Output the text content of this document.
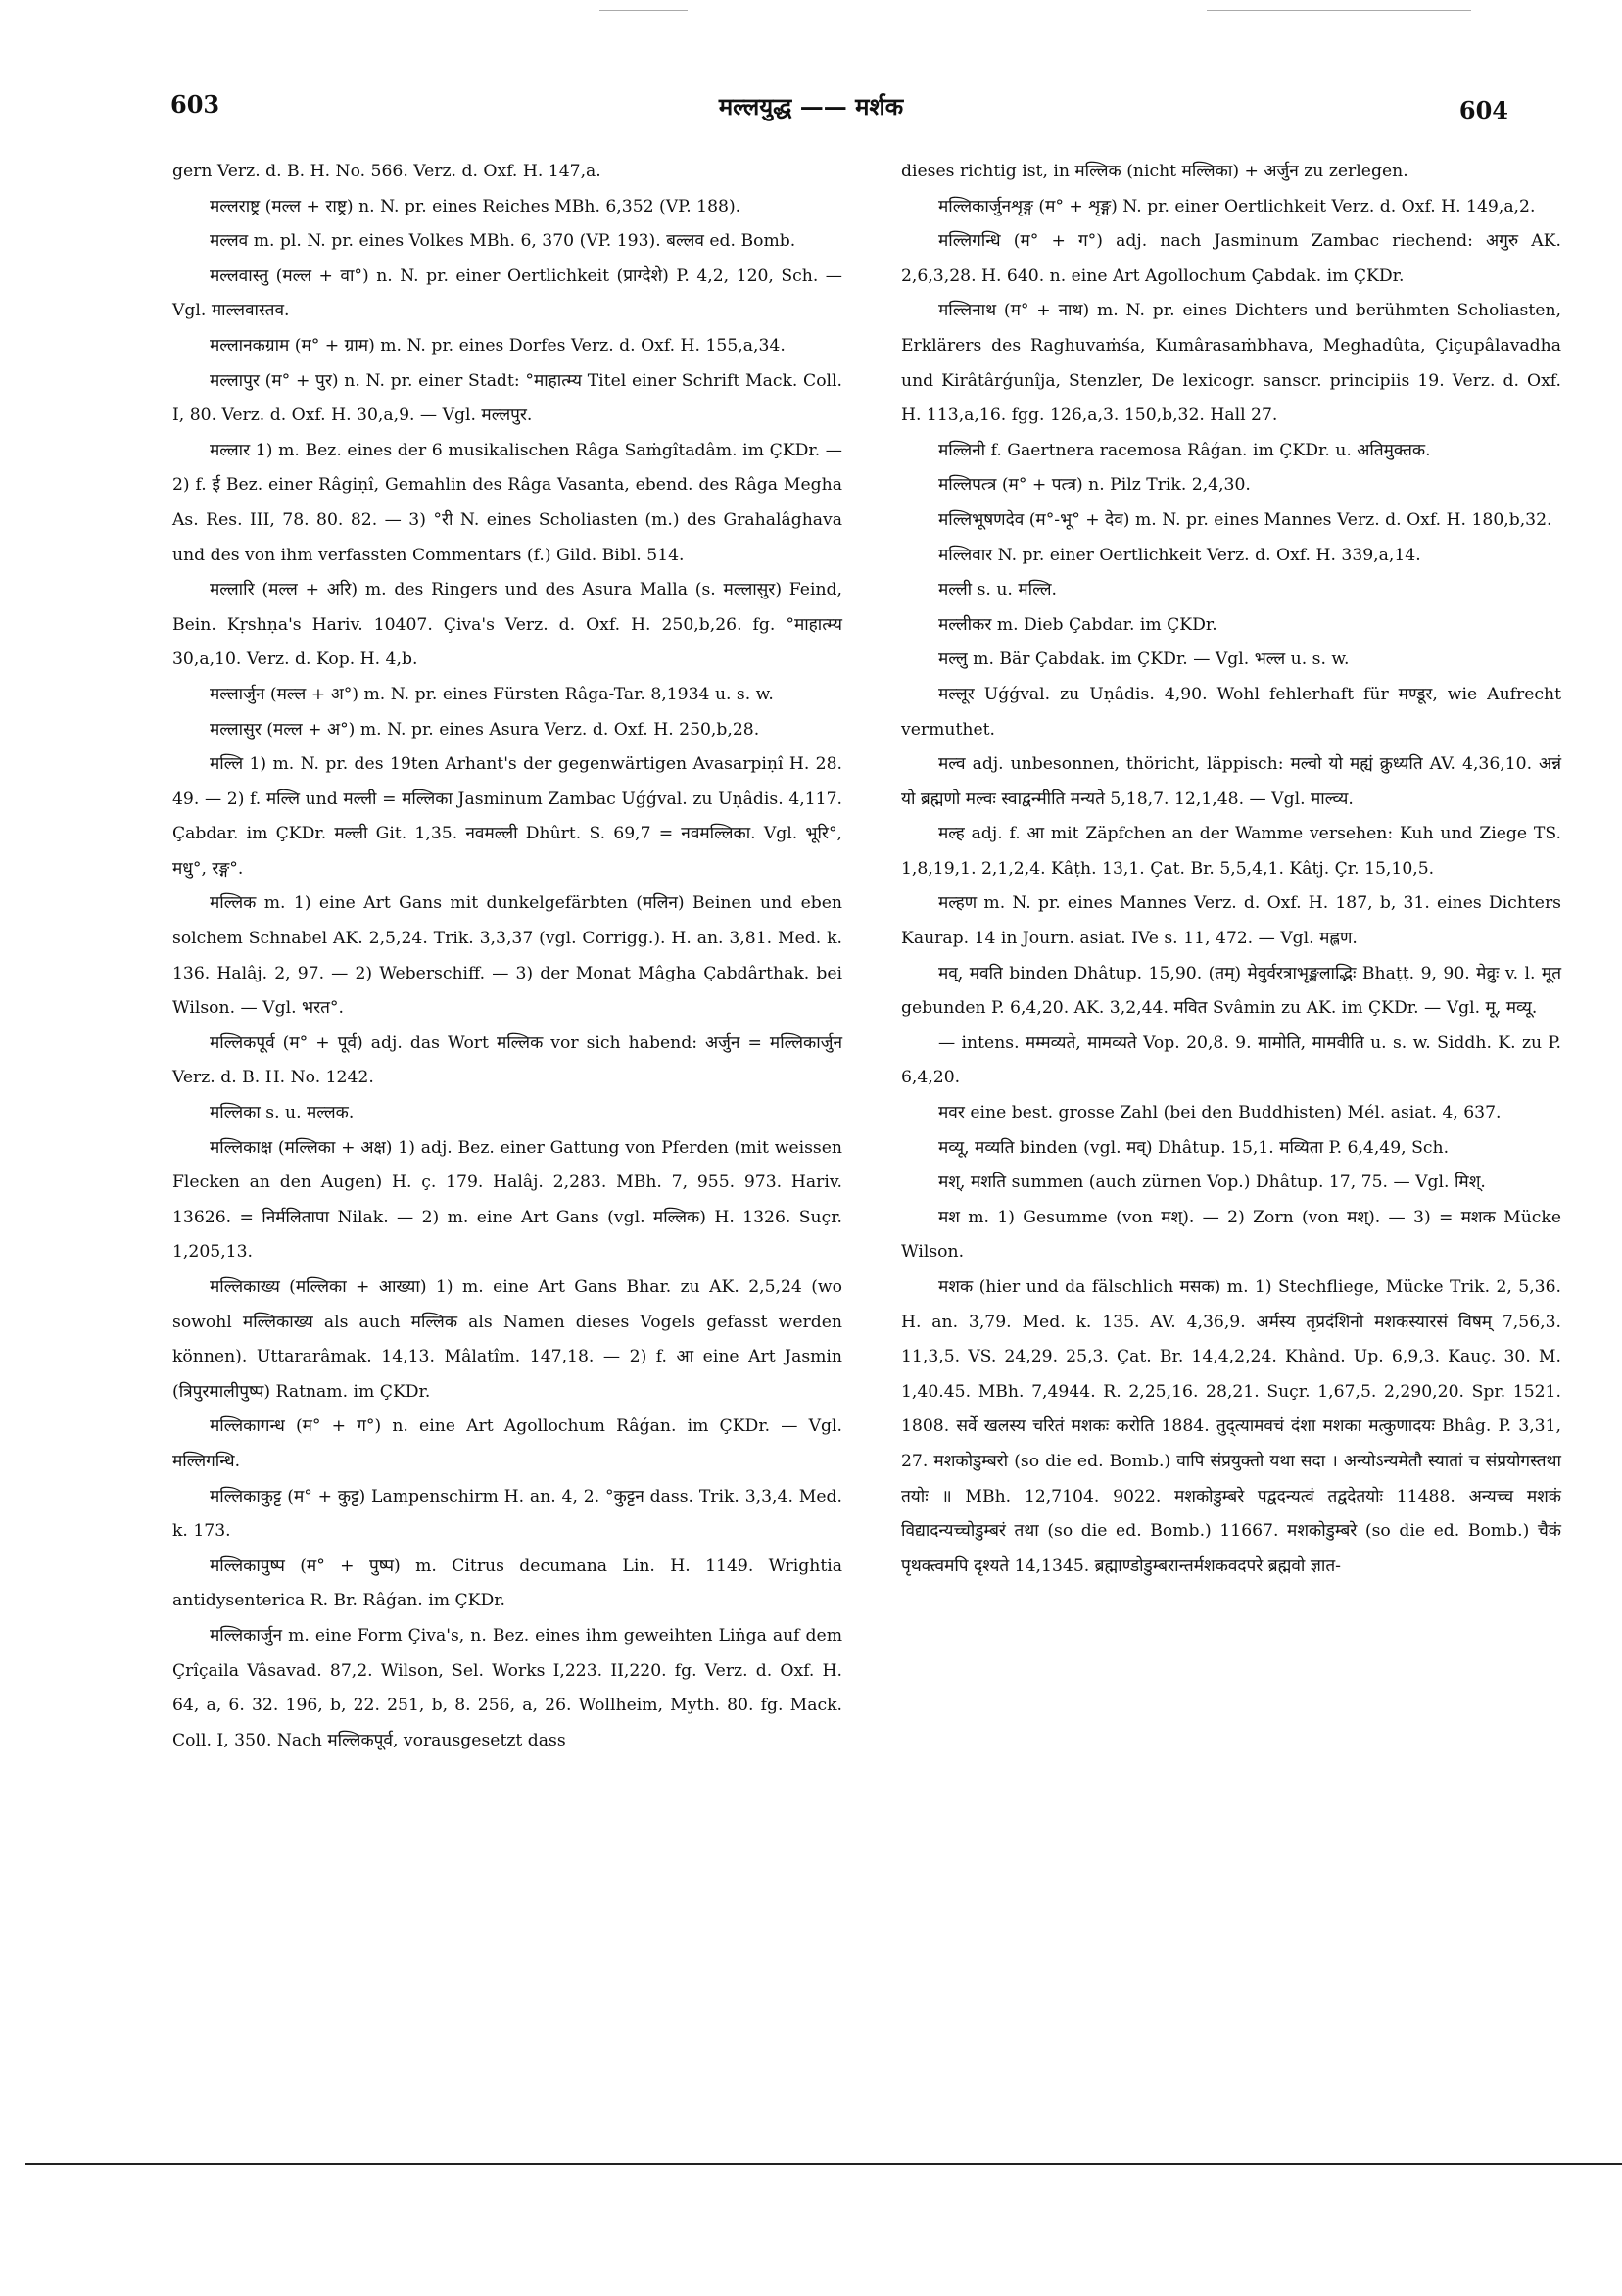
603	मल्लयुद्ध —— मर्शक	604

gern Verz. d. B. H. No. 566. Verz. d. Oxf. H. 147,a.

मल्लराष्ट्र (मल्ल + राष्ट्र) n. N. pr. eines Reiches MBh. 6,352 (VP. 188).

मल्लव m. pl. N. pr. eines Volkes MBh. 6, 370 (VP. 193). बल्लव ed. Bomb.

मल्लवास्तु (मल्ल + वा°) n. N. pr. einer Oertlichkeit (प्राग्देशे) P. 4,2, 120, Sch. — Vgl. माल्लवास्तव.

मल्लानकग्राम (म° + ग्राम) m. N. pr. eines Dorfes Verz. d. Oxf. H. 155,a,34.

मल्लापुर (म° + पुर) n. N. pr. einer Stadt: °माहात्म्य Titel einer Schrift Mack. Coll. I, 80. Verz. d. Oxf. H. 30,a,9. — Vgl. मल्लपुर.

मल्लार 1) m. Bez. eines der 6 musikalischen Râga Saṁgîtadâm. im ÇKDr. — 2) f. ई Bez. einer Râgiṇî, Gemahlin des Râga Vasanta, ebend. des Râga Megha As. Res. III, 78. 80. 82. — 3) °री N. eines Scholiasten (m.) des Grahalâghava und des von ihm verfassten Commentars (f.) Gild. Bibl. 514.

मल्लारि (मल्ल + अरि) m. des Ringers und des Asura Malla (s. मल्लासुर) Feind, Bein. Kṛshṇa's Hariv. 10407. Çiva's Verz. d. Oxf. H. 250,b,26. fg. °माहात्म्य 30,a,10. Verz. d. Kop. H. 4,b.

मल्लार्जुन (मल्ल + अ°) m. N. pr. eines Fürsten Râga-Tar. 8,1934 u. s. w.

मल्लासुर (मल्ल + अ°) m. N. pr. eines Asura Verz. d. Oxf. H. 250,b,28.

मल्लि 1) m. N. pr. des 19ten Arhant's der gegenwärtigen Avasarpiṇî H. 28. 49. — 2) f. मल्लि und मल्ली = मल्लिका Jasminum Zambac Uǵǵval. zu Uṇâdis. 4,117. Çabdar. im ÇKDr. मल्ली Git. 1,35. नवमल्ली Dhûrt. S. 69,7 = नवमल्लिका. Vgl. भूरि°, मधु°, रङ्ग°.

मल्लिक m. 1) eine Art Gans mit dunkelgefärbten (मलिन) Beinen und eben solchem Schnabel AK. 2,5,24. Trik. 3,3,37 (vgl. Corrigg.). H. an. 3,81. Med. k. 136. Halâj. 2, 97. — 2) Weberschiff. — 3) der Monat Mâgha Çabdârthak. bei Wilson. — Vgl. भरत°.

मल्लिकपूर्व (म° + पूर्व) adj. das Wort मल्लिक vor sich habend: अर्जुन = मल्लिकार्जुन Verz. d. B. H. No. 1242.

मल्लिका s. u. मल्लक.

मल्लिकाक्ष (मल्लिका + अक्ष) 1) adj. Bez. einer Gattung von Pferden (mit weissen Flecken an den Augen) H. ç. 179. Halâj. 2,283. MBh. 7, 955. 973. Hariv. 13626. = निर्मलितापा Nilak. — 2) m. eine Art Gans (vgl. मल्लिक) H. 1326. Suçr. 1,205,13.

मल्लिकाख्य (मल्लिका + आख्या) 1) m. eine Art Gans Bhar. zu AK. 2,5,24 (wo sowohl मल्लिकाख्य als auch मल्लिक als Namen dieses Vogels gefasst werden können). Uttararâmak. 14,13. Mâlatîm. 147,18. — 2) f. आ eine Art Jasmin (त्रिपुरमालीपुष्प) Ratnam. im ÇKDr.

मल्लिकागन्ध (म° + ग°) n. eine Art Agollochum Râǵan. im ÇKDr. — Vgl. मल्लिगन्धि.

मल्लिकाकुट्ट (म° + कुट्ट) Lampenschirm H. an. 4, 2. °कुट्टन dass. Trik. 3,3,4. Med. k. 173.

मल्लिकापुष्प (म° + पुष्प) m. Citrus decumana Lin. H. 1149. Wrightia antidysenterica R. Br. Râǵan. im ÇKDr.

मल्लिकार्जुन m. eine Form Çiva's, n. Bez. eines ihm geweihten Liṅga auf dem Çrîçaila Vâsavad. 87,2. Wilson, Sel. Works I,223. II,220. fg. Verz. d. Oxf. H. 64, a, 6. 32. 196, b, 22. 251, b, 8. 256, a, 26. Wollheim, Myth. 80. fg. Mack. Coll. I, 350. Nach मल्लिकपूर्व, vorausgesetzt dass

dieses richtig ist, in मल्लिक (nicht मल्लिका) + अर्जुन zu zerlegen.

मल्लिकार्जुनशृङ्ग (म° + शृङ्ग) N. pr. einer Oertlichkeit Verz. d. Oxf. H. 149,a,2.

मल्लिगन्धि (म° + ग°) adj. nach Jasminum Zambac riechend: अगुरु AK. 2,6,3,28. H. 640. n. eine Art Agollochum Çabdak. im ÇKDr.

मल्लिनाथ (म° + नाथ) m. N. pr. eines Dichters und berühmten Scholiasten, Erklärers des Raghuvaṁśa, Kumârasaṁbhava, Meghadûta, Çiçupâlavadha und Kirâtârǵunîja, Stenzler, De lexicogr. sanscr. principiis 19. Verz. d. Oxf. H. 113,a,16. fgg. 126,a,3. 150,b,32. Hall 27.

मल्लिनी f. Gaertnera racemosa Râǵan. im ÇKDr. u. अतिमुक्तक.

मल्लिपत्त्र (म° + पत्त्र) n. Pilz Trik. 2,4,30.

मल्लिभूषणदेव (म°-भू° + देव) m. N. pr. eines Mannes Verz. d. Oxf. H. 180,b,32.

मल्लिवार N. pr. einer Oertlichkeit Verz. d. Oxf. H. 339,a,14.

मल्ली s. u. मल्लि.

मल्लीकर m. Dieb Çabdar. im ÇKDr.

मल्लु m. Bär Çabdak. im ÇKDr. — Vgl. भल्ल u. s. w.

मल्लूर Uǵǵval. zu Uṇâdis. 4,90. Wohl fehlerhaft für मण्डूर, wie Aufrecht vermuthet.

मल्व adj. unbesonnen, thöricht, läppisch: मल्वो यो मह्यं क्रुध्यति AV. 4,36,10. अन्नं यो ब्रह्मणो मल्वः स्वाद्वन्मीति मन्यते 5,18,7. 12,1,48. — Vgl. माल्व्य.

मल्ह adj. f. आ mit Zäpfchen an der Wamme versehen: Kuh und Ziege TS. 1,8,19,1. 2,1,2,4. Kâṭh. 13,1. Çat. Br. 5,5,4,1. Kâtj. Çr. 15,10,5.

मल्हण m. N. pr. eines Mannes Verz. d. Oxf. H. 187, b, 31. eines Dichters Kaurap. 14 in Journ. asiat. IVe s. 11, 472. — Vgl. मह्लण.

मव्, मवति binden Dhâtup. 15,90. (तम्) मेवुर्वरत्राभृङ्खलाद्भिः Bhaṭṭ. 9, 90. मेव्रुः v. l. मूत gebunden P. 6,4,20. AK. 3,2,44. मवित Svâmin zu AK. im ÇKDr. — Vgl. मू, मव्यू.

— intens. मम्मव्यते, मामव्यते Vop. 20,8. 9. मामोति, मामवीति u. s. w. Siddh. K. zu P. 6,4,20.

मवर eine best. grosse Zahl (bei den Buddhisten) Mél. asiat. 4, 637.

मव्यू, मव्यति binden (vgl. मव्) Dhâtup. 15,1. मव्यिता P. 6,4,49, Sch.

मश्, मशति summen (auch zürnen Vop.) Dhâtup. 17, 75. — Vgl. मिश्.

मश m. 1) Gesumme (von मश्). — 2) Zorn (von मश्). — 3) = मशक Mücke Wilson.

मशक (hier und da fälschlich मसक) m. 1) Stechfliege, Mücke Trik. 2, 5,36. H. an. 3,79. Med. k. 135. AV. 4,36,9. अर्मस्य तृप्रदंशिनो मशकस्यारसं विषम् 7,56,3. 11,3,5. VS. 24,29. 25,3. Çat. Br. 14,4,2,24. Khând. Up. 6,9,3. Kauç. 30. M. 1,40.45. MBh. 7,4944. R. 2,25,16. 28,21. Suçr. 1,67,5. 2,290,20. Spr. 1521. 1808. सर्वे खलस्य चरितं मशकः करोति 1884. तुद्त्यामवचं दंशा मशका मत्कुणादयः Bhâg. P. 3,31, 27. मशकोडुम्बरो (so die ed. Bomb.) वापि संप्रयुक्तो यथा सदा । अन्योऽन्यमेतौ स्यातां च संप्रयोगस्तथा तयोः ॥ MBh. 12,7104. 9022. मशकोडुम्बरे पद्वदन्यत्वं तद्वदेतयोः 11488. अन्यच्च मशकं विद्यादन्यच्चोडुम्बरं तथा (so die ed. Bomb.) 11667. मशकोडुम्बरे (so die ed. Bomb.) चैकं पृथक्त्वमपि दृश्यते 14,1345. ब्रह्माण्डोडुम्बरान्तर्मशकवदपरे ब्रह्मवो ज्ञात-
